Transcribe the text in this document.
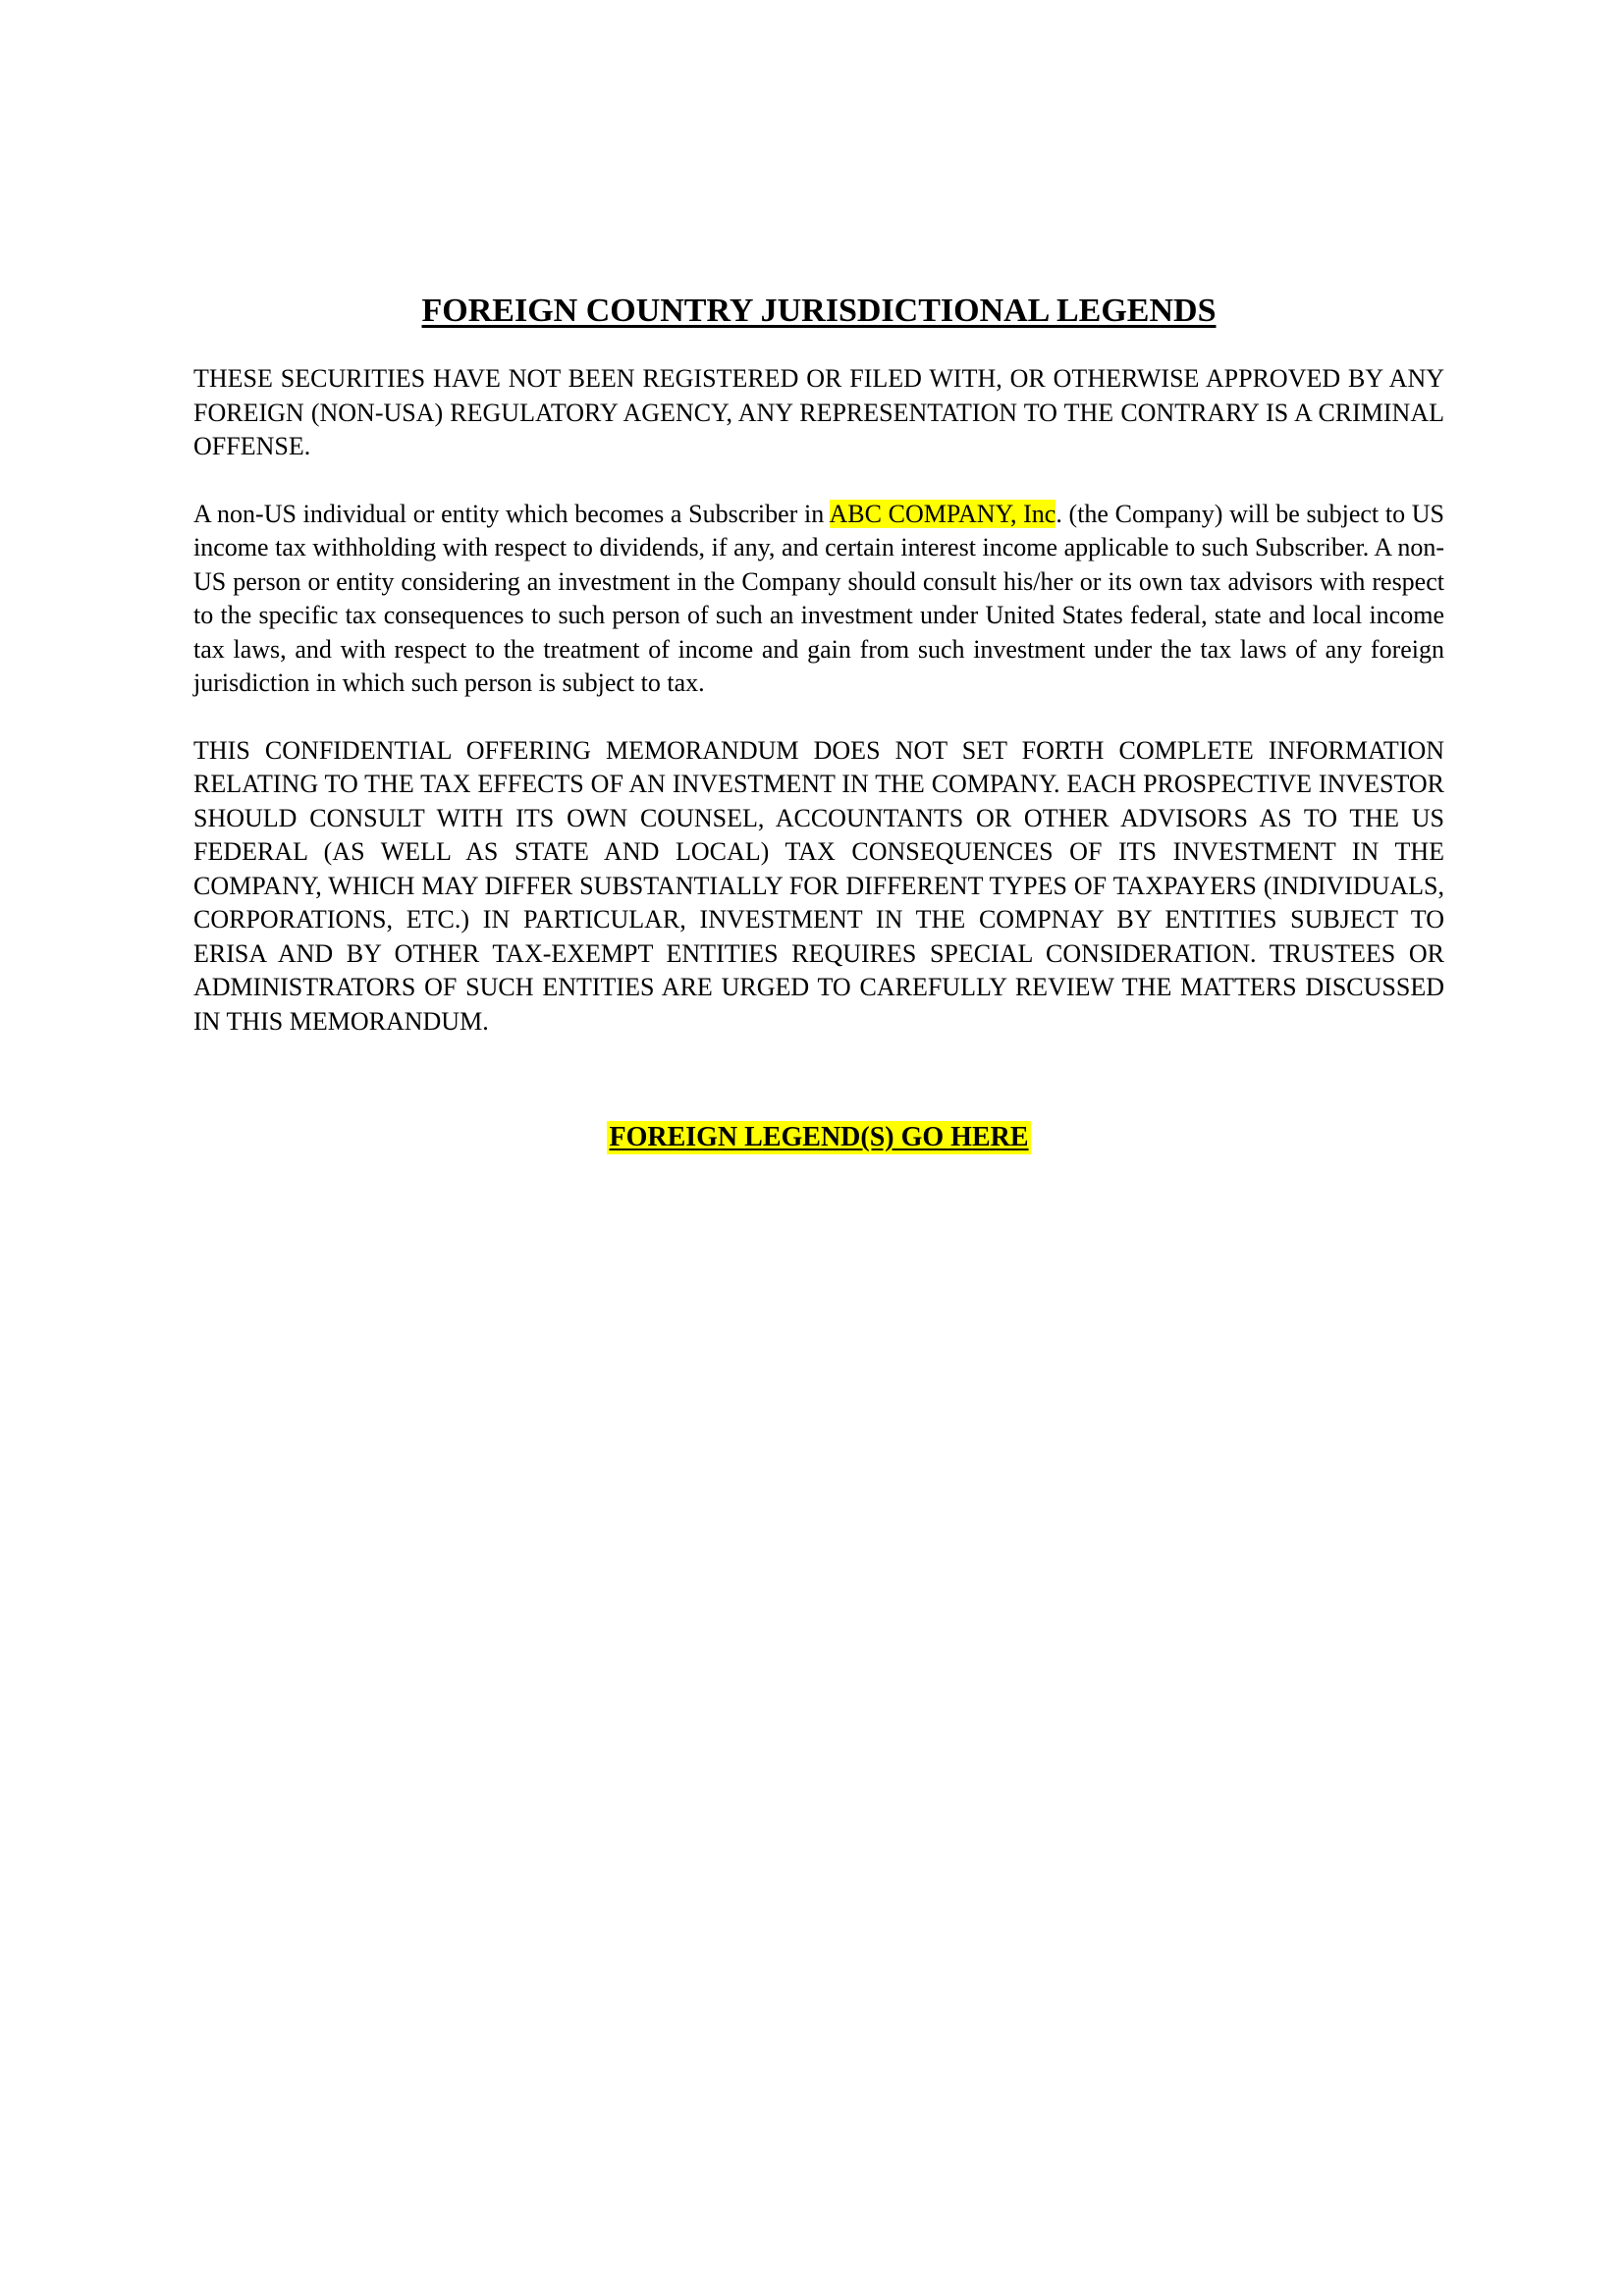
FOREIGN COUNTRY JURISDICTIONAL LEGENDS

THESE SECURITIES HAVE NOT BEEN REGISTERED OR FILED WITH, OR OTHERWISE APPROVED BY ANY FOREIGN (NON-USA) REGULATORY AGENCY, ANY REPRESENTATION TO THE CONTRARY IS A CRIMINAL OFFENSE.

A non-US individual or entity which becomes a Subscriber in ABC COMPANY, Inc. (the Company) will be subject to US income tax withholding with respect to dividends, if any, and certain interest income applicable to such Subscriber. A non-US person or entity considering an investment in the Company should consult his/her or its own tax advisors with respect to the specific tax consequences to such person of such an investment under United States federal, state and local income tax laws, and with respect to the treatment of income and gain from such investment under the tax laws of any foreign jurisdiction in which such person is subject to tax.

THIS CONFIDENTIAL OFFERING MEMORANDUM DOES NOT SET FORTH COMPLETE INFORMATION RELATING TO THE TAX EFFECTS OF AN INVESTMENT IN THE COMPANY. EACH PROSPECTIVE INVESTOR SHOULD CONSULT WITH ITS OWN COUNSEL, ACCOUNTANTS OR OTHER ADVISORS AS TO THE US FEDERAL (AS WELL AS STATE AND LOCAL) TAX CONSEQUENCES OF ITS INVESTMENT IN THE COMPANY, WHICH MAY DIFFER SUBSTANTIALLY FOR DIFFERENT TYPES OF TAXPAYERS (INDIVIDUALS, CORPORATIONS, ETC.) IN PARTICULAR, INVESTMENT IN THE COMPNAY BY ENTITIES SUBJECT TO ERISA AND BY OTHER TAX-EXEMPT ENTITIES REQUIRES SPECIAL CONSIDERATION. TRUSTEES OR ADMINISTRATORS OF SUCH ENTITIES ARE URGED TO CAREFULLY REVIEW THE MATTERS DISCUSSED IN THIS MEMORANDUM.

FOREIGN LEGEND(S) GO HERE
